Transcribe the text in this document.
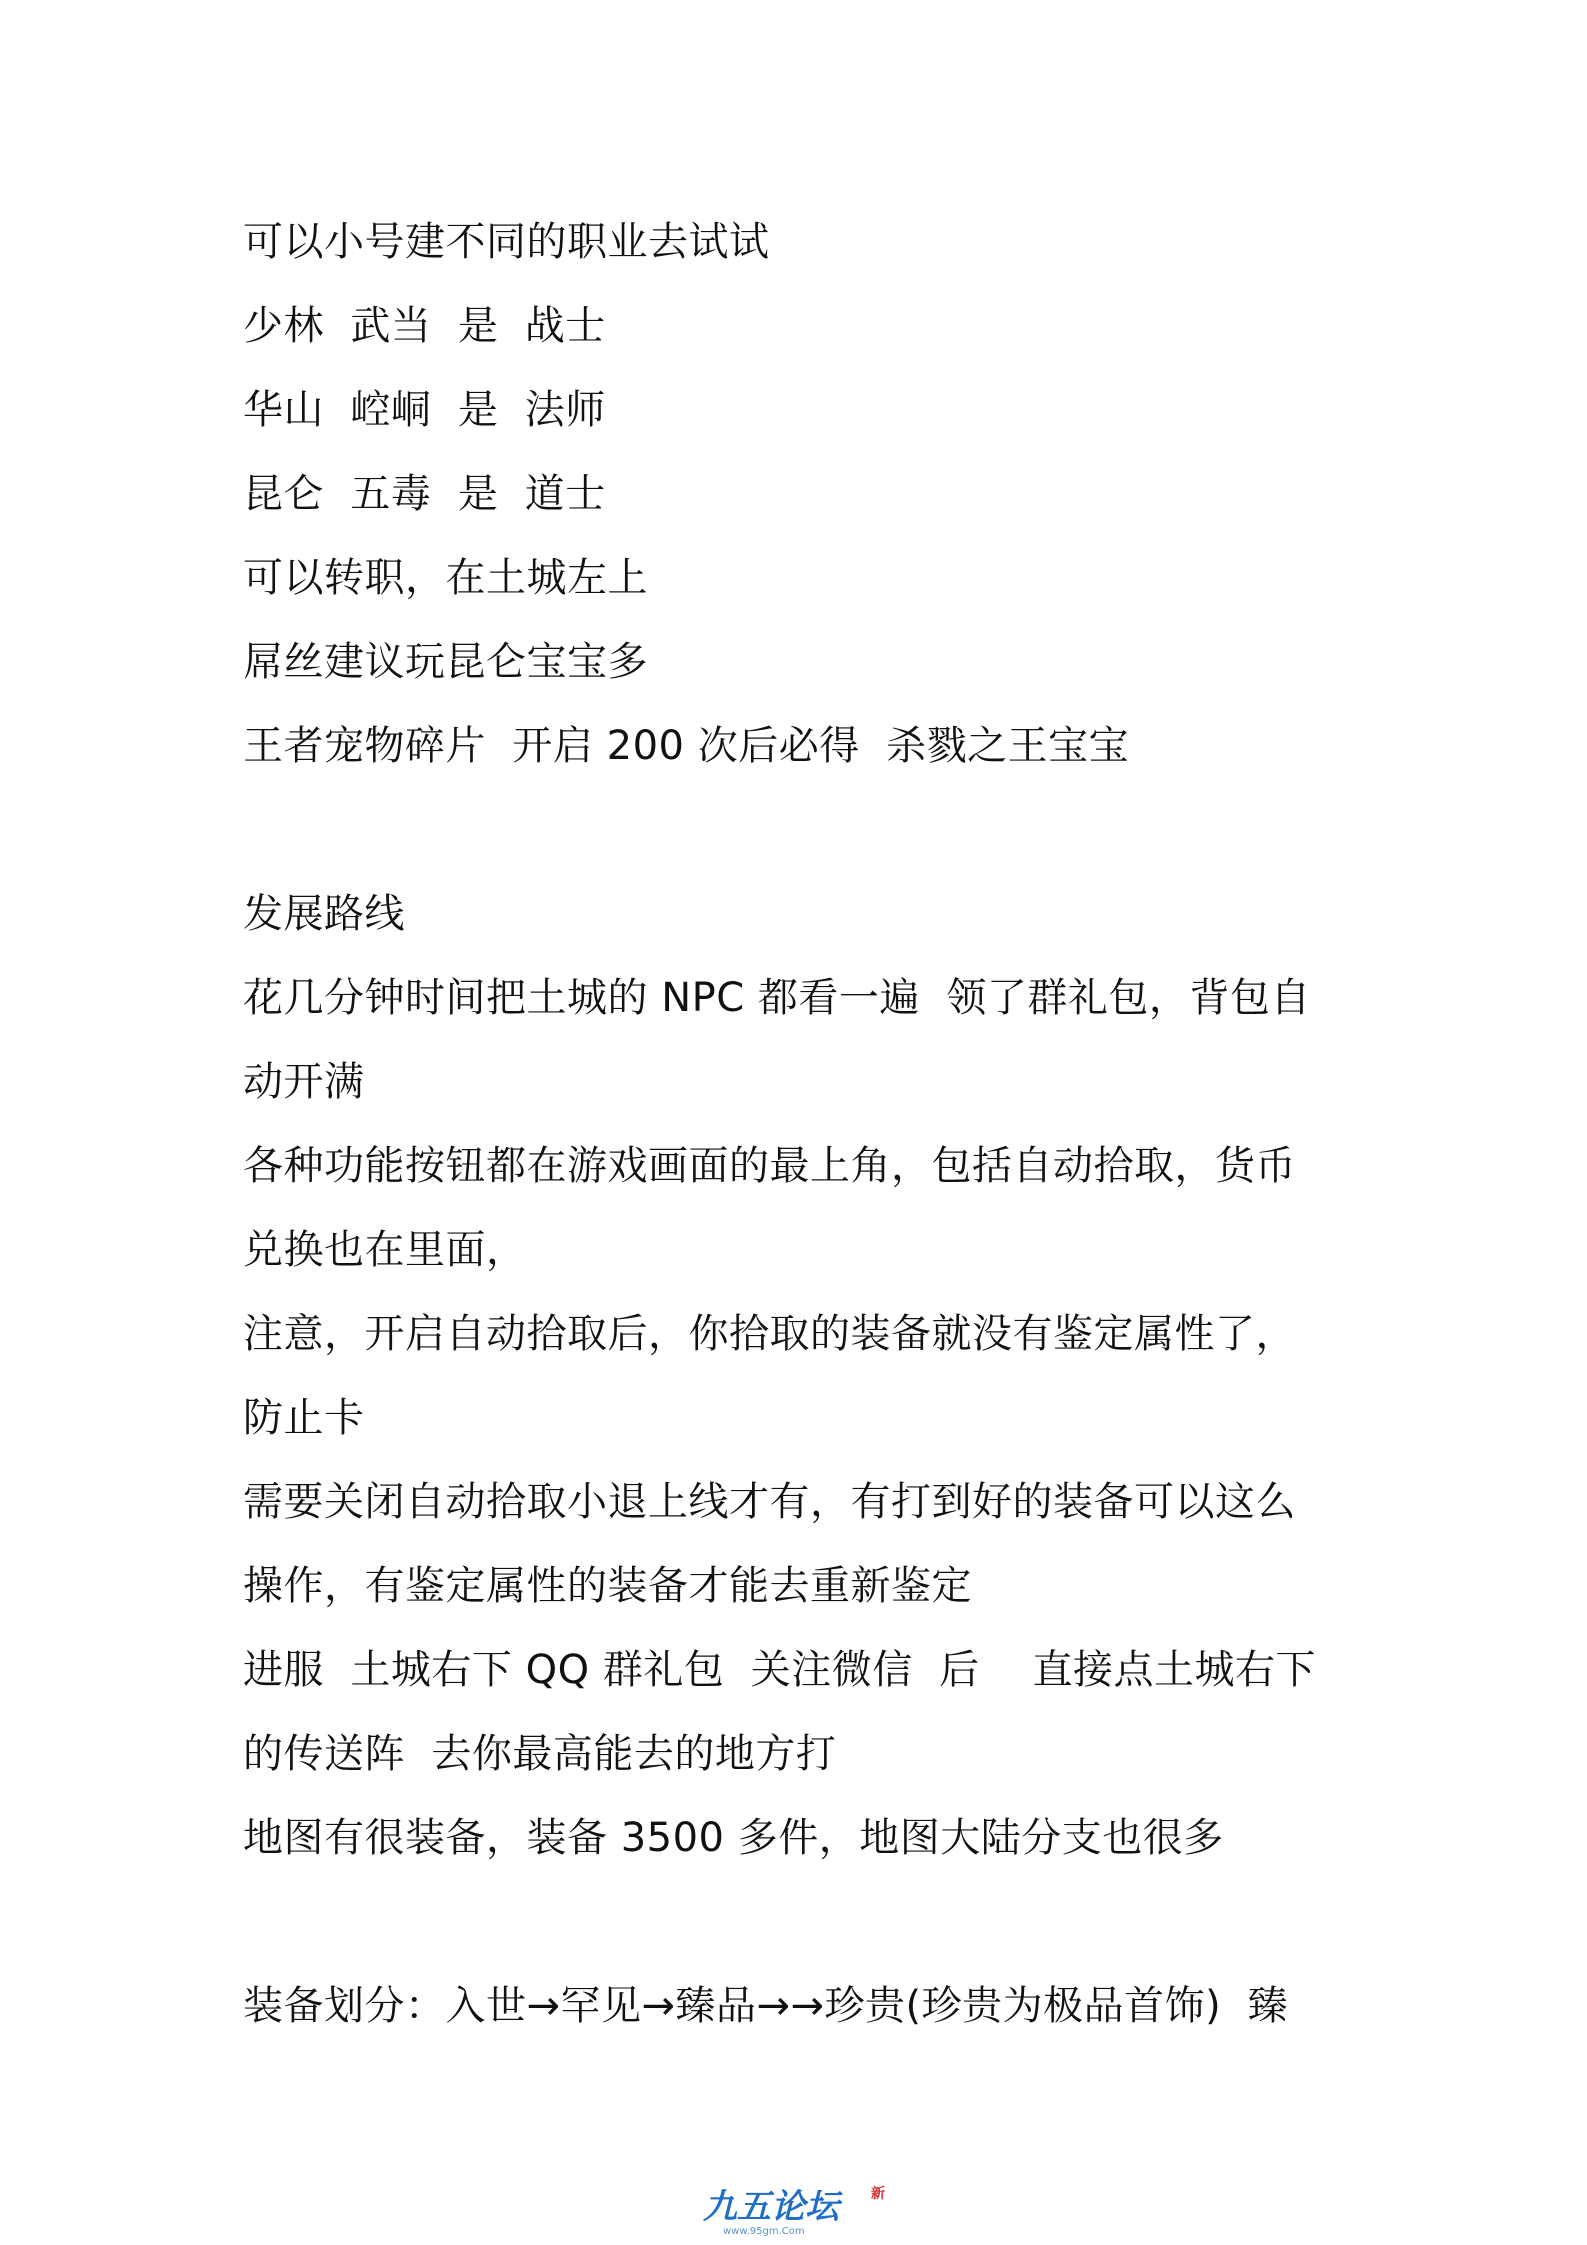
可以小号建不同的职业去试试
少林  武当  是  战士
华山  崆峒  是  法师
昆仑  五毒  是  道士
可以转职，在土城左上
屌丝建议玩昆仑宝宝多
王者宠物碎片  开启 200 次后必得  杀戮之王宝宝
发展路线
花几分钟时间把土城的 NPC 都看一遍  领了群礼包，背包自
动开满
各种功能按钮都在游戏画面的最上角，包括自动拾取，货币
兑换也在里面，
注意，开启自动拾取后，你拾取的装备就没有鉴定属性了，
防止卡
需要关闭自动拾取小退上线才有，有打到好的装备可以这么
操作，有鉴定属性的装备才能去重新鉴定
进服  土城右下 QQ 群礼包  关注微信  后    直接点土城右下
的传送阵  去你最高能去的地方打
地图有很装备，装备 3500 多件，地图大陆分支也很多
装备划分：入世→罕见→臻品→→珍贵(珍贵为极品首饰)  臻
九五论坛
www.95gm.Com
新
